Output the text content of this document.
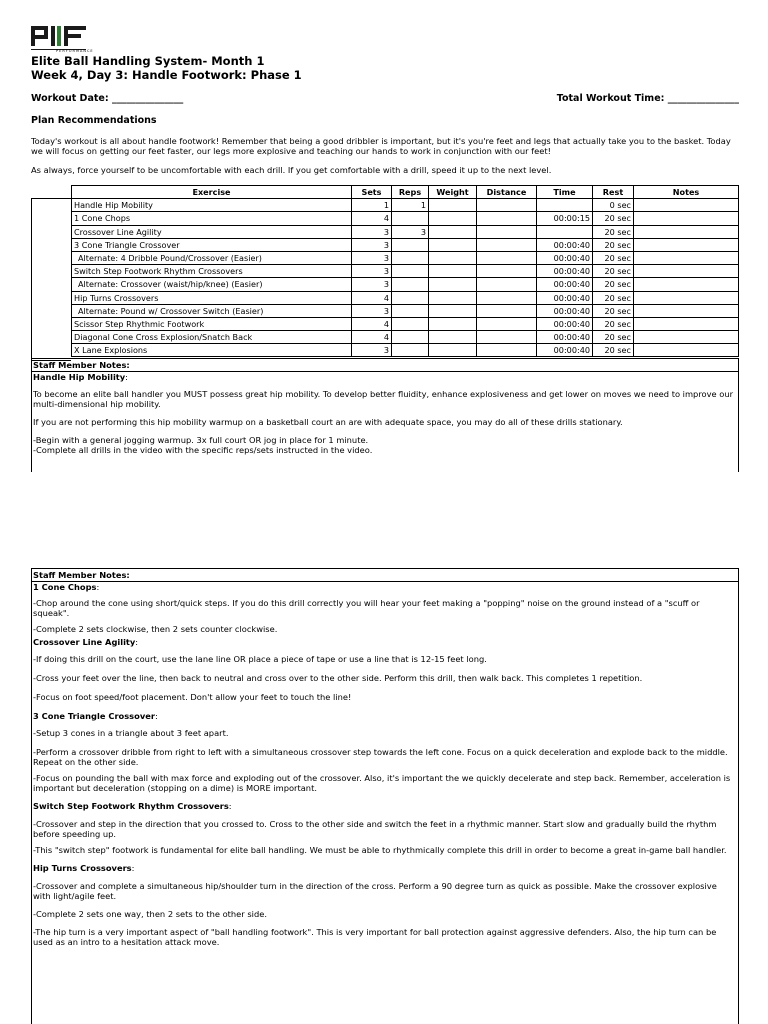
PERFORMANCE
Elite Ball Handling System- Month 1
Week 4, Day 3: Handle Footwork: Phase 1
Workout Date: _______________	Total Workout Time: _______________
Plan Recommendations
Today's workout is all about handle footwork! Remember that being a good dribbler is important, but it's you're feet and legs that actually take you to the basket. Today we will focus on getting our feet faster, our legs more explosive and teaching our hands to work in conjunction with our feet!
As always, force yourself to be uncomfortable with each drill. If you get comfortable with a drill, speed it up to the next level.
Exercise	Sets	Reps	Weight	Distance	Time	Rest	Notes
Handle Hip Mobility	1	1				0 sec	
1 Cone Chops	4				00:00:15	20 sec	
Crossover Line Agility	3	3				20 sec	
3 Cone Triangle Crossover	3				00:00:40	20 sec	
Alternate: 4 Dribble Pound/Crossover (Easier)	3				00:00:40	20 sec	
Switch Step Footwork Rhythm Crossovers	3				00:00:40	20 sec	
Alternate: Crossover (waist/hip/knee) (Easier)	3				00:00:40	20 sec	
Hip Turns Crossovers	4				00:00:40	20 sec	
Alternate: Pound w/ Crossover Switch (Easier)	3				00:00:40	20 sec	
Scissor Step Rhythmic Footwork	4				00:00:40	20 sec	
Diagonal Cone Cross Explosion/Snatch Back	4				00:00:40	20 sec	
X Lane Explosions	3				00:00:40	20 sec	
Staff Member Notes:
Handle Hip Mobility:
To become an elite ball handler you MUST possess great hip mobility. To develop better fluidity, enhance explosiveness and get lower on moves we need to improve our multi-dimensional hip mobility.
If you are not performing this hip mobility warmup on a basketball court an are with adequate space, you may do all of these drills stationary.
-Begin with a general jogging warmup. 3x full court OR jog in place for 1 minute.
-Complete all drills in the video with the specific reps/sets instructed in the video.
Staff Member Notes:
1 Cone Chops:
-Chop around the cone using short/quick steps. If you do this drill correctly you will hear your feet making a "popping" noise on the ground instead of a "scuff or squeak".
-Complete 2 sets clockwise, then 2 sets counter clockwise.
Crossover Line Agility:
-If doing this drill on the court, use the lane line OR place a piece of tape or use a line that is 12-15 feet long.
-Cross your feet over the line, then back to neutral and cross over to the other side. Perform this drill, then walk back. This completes 1 repetition.
-Focus on foot speed/foot placement. Don't allow your feet to touch the line!
3 Cone Triangle Crossover:
-Setup 3 cones in a triangle about 3 feet apart.
-Perform a crossover dribble from right to left with a simultaneous crossover step towards the left cone. Focus on a quick deceleration and explode back to the middle. Repeat on the other side.
-Focus on pounding the ball with max force and exploding out of the crossover. Also, it's important the we quickly decelerate and step back. Remember, acceleration is important but deceleration (stopping on a dime) is MORE important.
Switch Step Footwork Rhythm Crossovers:
-Crossover and step in the direction that you crossed to. Cross to the other side and switch the feet in a rhythmic manner. Start slow and gradually build the rhythm before speeding up.
-This "switch step" footwork is fundamental for elite ball handling. We must be able to rhythmically complete this drill in order to become a great in-game ball handler.
Hip Turns Crossovers:
-Crossover and complete a simultaneous hip/shoulder turn in the direction of the cross. Perform a 90 degree turn as quick as possible. Make the crossover explosive with light/agile feet.
-Complete 2 sets one way, then 2 sets to the other side.
-The hip turn is a very important aspect of "ball handling footwork". This is very important for ball protection against aggressive defenders. Also, the hip turn can be used as an intro to a hesitation attack move.
